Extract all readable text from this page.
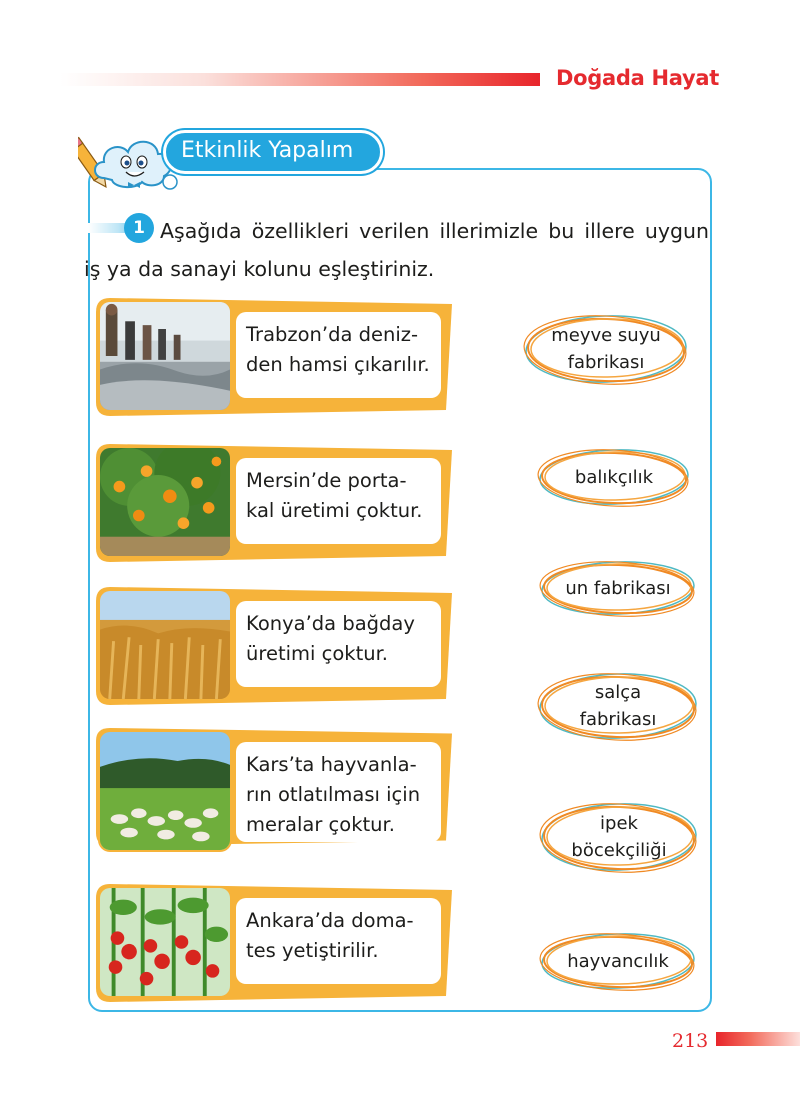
Doğada Hayat
Etkinlik Yapalım
Aşağıda özellikleri verilen illerimizle bu illere uygun iş ya da sanayi kolunu eşleştiriniz.
1
Trabzon’da deniz-
den hamsi çıkarılır.
Mersin’de porta-
kal üretimi çoktur.
Konya’da bağday
üretimi çoktur.
Kars’ta hayvanla-
rın otlatılması için
meralar çoktur.
Ankara’da doma-
tes yetiştirilir.
meyve suyu
fabrikası
balıkçılık
un fabrikası
salça
fabrikası
ipek
böcekçiliği
hayvancılık
213
